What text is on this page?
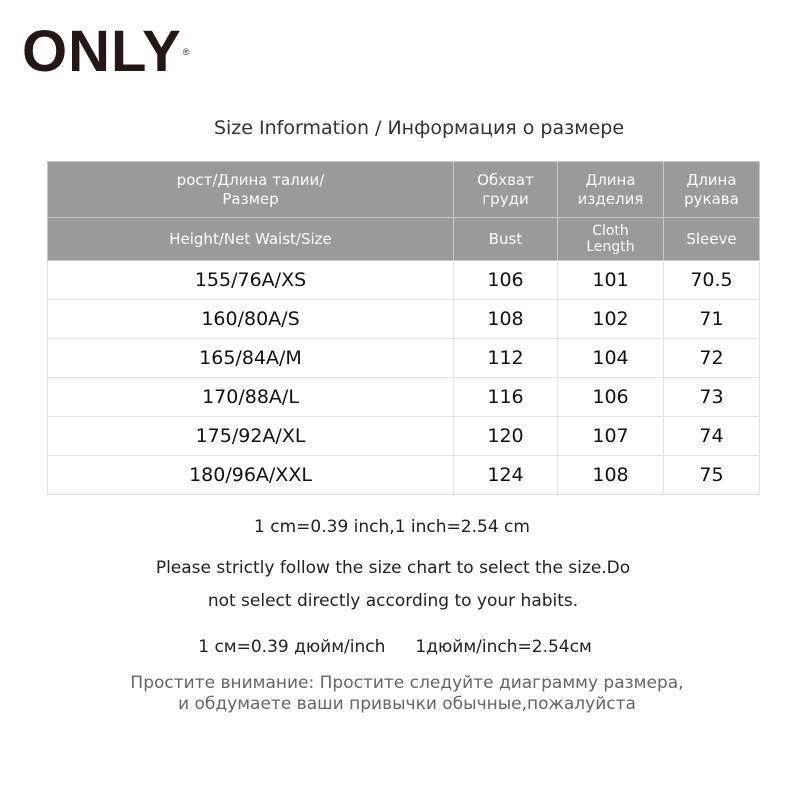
ONLY®
Size Information / Информация о размере
рост/Длина талии/Размер	Обхват груди	Длина изделия	Длина рукава
Height/Net Waist/Size	Bust	Cloth Length	Sleeve
155/76A/XS	106	101	70.5
160/80A/S	108	102	71
165/84A/M	112	104	72
170/88A/L	116	106	73
175/92A/XL	120	107	74
180/96A/XXL	124	108	75
1 cm=0.39 inch,1 inch=2.54 cm
Please strictly follow the size chart to select the size.Do
not select directly according to your habits.
1 см=0.39 дюйм/inch 1дюйм/inch=2.54см
Простите внимание: Простите следуйте диаграмму размера,
и обдумаете ваши привычки обычные,пожалуйста
